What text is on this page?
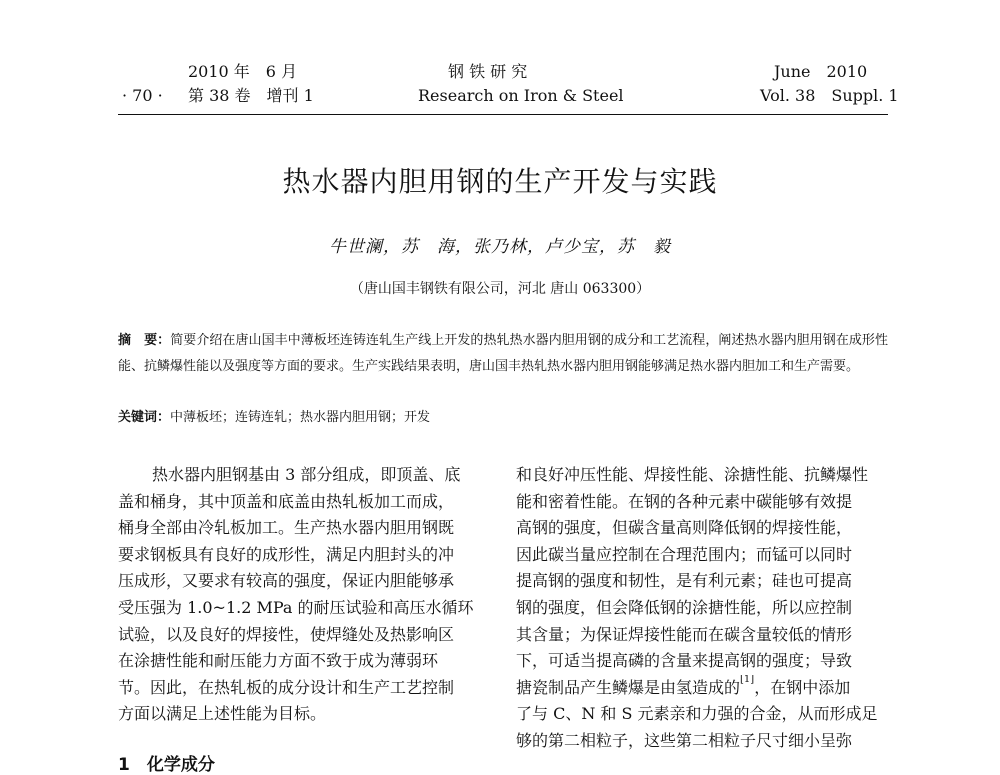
2010 年　6 月
· 70 · 第 38 卷　增刊 1
钢 铁 研 究
Research on Iron & Steel
June　2010
Vol. 38　Suppl. 1
热水器内胆用钢的生产开发与实践
牛世澜，苏　海，张乃林，卢少宝，苏　毅
（唐山国丰钢铁有限公司，河北 唐山 063300）
摘　要：简要介绍在唐山国丰中薄板坯连铸连轧生产线上开发的热轧热水器内胆用钢的成分和工艺流程，阐述热水器内胆用钢在成形性能、抗鳞爆性能以及强度等方面的要求。生产实践结果表明，唐山国丰热轧热水器内胆用钢能够满足热水器内胆加工和生产需要。
关键词：中薄板坯；连铸连轧；热水器内胆用钢；开发
热水器内胆钢基由 3 部分组成，即顶盖、底
盖和桶身，其中顶盖和底盖由热轧板加工而成，
桶身全部由冷轧板加工。生产热水器内胆用钢既
要求钢板具有良好的成形性，满足内胆封头的冲
压成形，又要求有较高的强度，保证内胆能够承
受压强为 1.0~1.2 MPa 的耐压试验和高压水循环
试验，以及良好的焊接性，使焊缝处及热影响区
在涂搪性能和耐压能力方面不致于成为薄弱环
节。因此，在热轧板的成分设计和生产工艺控制
方面以满足上述性能为目标。
1　化学成分
和良好冲压性能、焊接性能、涂搪性能、抗鳞爆性
能和密着性能。在钢的各种元素中碳能够有效提
高钢的强度，但碳含量高则降低钢的焊接性能，
因此碳当量应控制在合理范围内；而锰可以同时
提高钢的强度和韧性，是有利元素；硅也可提高
钢的强度，但会降低钢的涂搪性能，所以应控制
其含量；为保证焊接性能而在碳含量较低的情形
下，可适当提高磷的含量来提高钢的强度；导致
搪瓷制品产生鳞爆是由氢造成的[1]，在钢中添加
了与 C、N 和 S 元素亲和力强的合金，从而形成足
够的第二相粒子，这些第二相粒子尺寸细小呈弥
